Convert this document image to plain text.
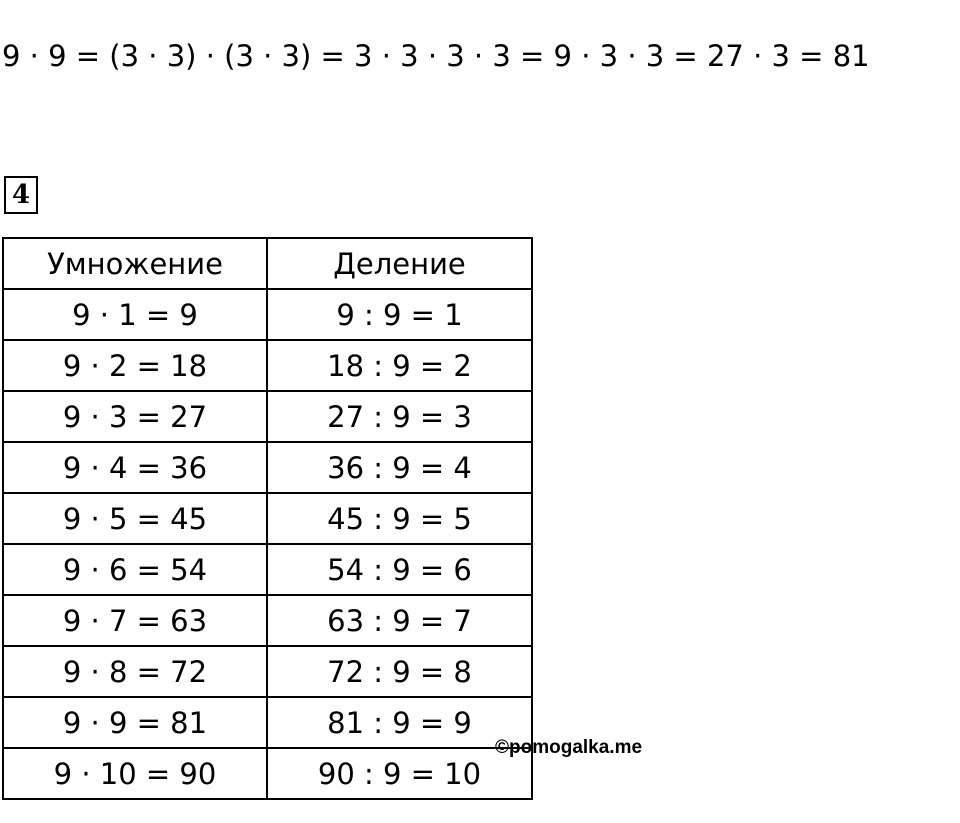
9 · 9 = (3 · 3) · (3 · 3) = 3 · 3 · 3 · 3 = 9 · 3 · 3 = 27 · 3 = 81
4
Умножение	Деление
9 · 1 = 9	9 : 9 = 1
9 · 2 = 18	18 : 9 = 2
9 · 3 = 27	27 : 9 = 3
9 · 4 = 36	36 : 9 = 4
9 · 5 = 45	45 : 9 = 5
9 · 6 = 54	54 : 9 = 6
9 · 7 = 63	63 : 9 = 7
9 · 8 = 72	72 : 9 = 8
9 · 9 = 81	81 : 9 = 9
9 · 10 = 90	90 : 9 = 10
©pomogalka.me
